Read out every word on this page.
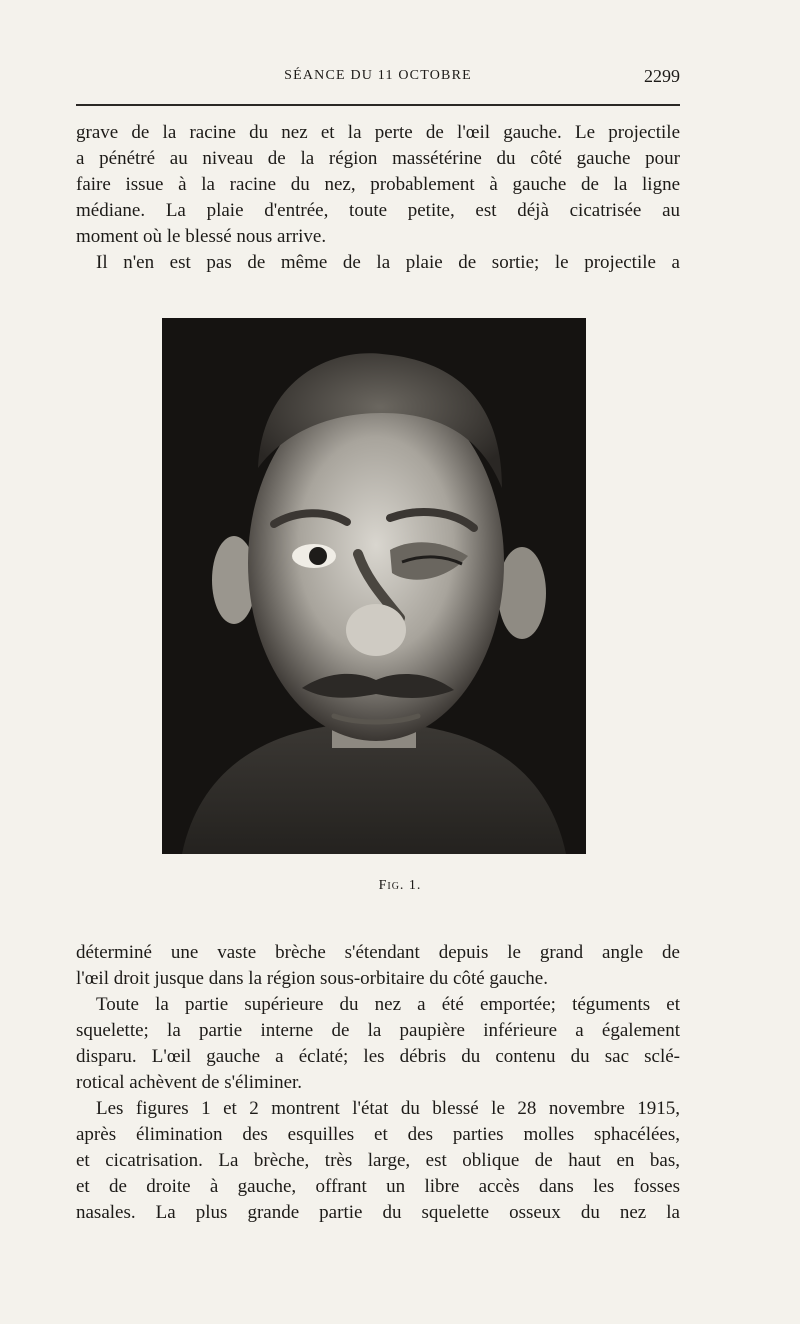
SÉANCE DU 11 OCTOBRE	2299
grave de la racine du nez et la perte de l'œil gauche. Le projectile
a pénétré au niveau de la région massétérine du côté gauche pour
faire issue à la racine du nez, probablement à gauche de la ligne
médiane. La plaie d'entrée, toute petite, est déjà cicatrisée au
moment où le blessé nous arrive.
Il n'en est pas de même de la plaie de sortie; le projectile a
Fig. 1.
déterminé une vaste brèche s'étendant depuis le grand angle de
l'œil droit jusque dans la région sous-orbitaire du côté gauche.
Toute la partie supérieure du nez a été emportée; téguments et
squelette; la partie interne de la paupière inférieure a également
disparu. L'œil gauche a éclaté; les débris du contenu du sac sclé-
rotical achèvent de s'éliminer.
Les figures 1 et 2 montrent l'état du blessé le 28 novembre 1915,
après élimination des esquilles et des parties molles sphacélées,
et cicatrisation. La brèche, très large, est oblique de haut en bas,
et de droite à gauche, offrant un libre accès dans les fosses
nasales. La plus grande partie du squelette osseux du nez la
